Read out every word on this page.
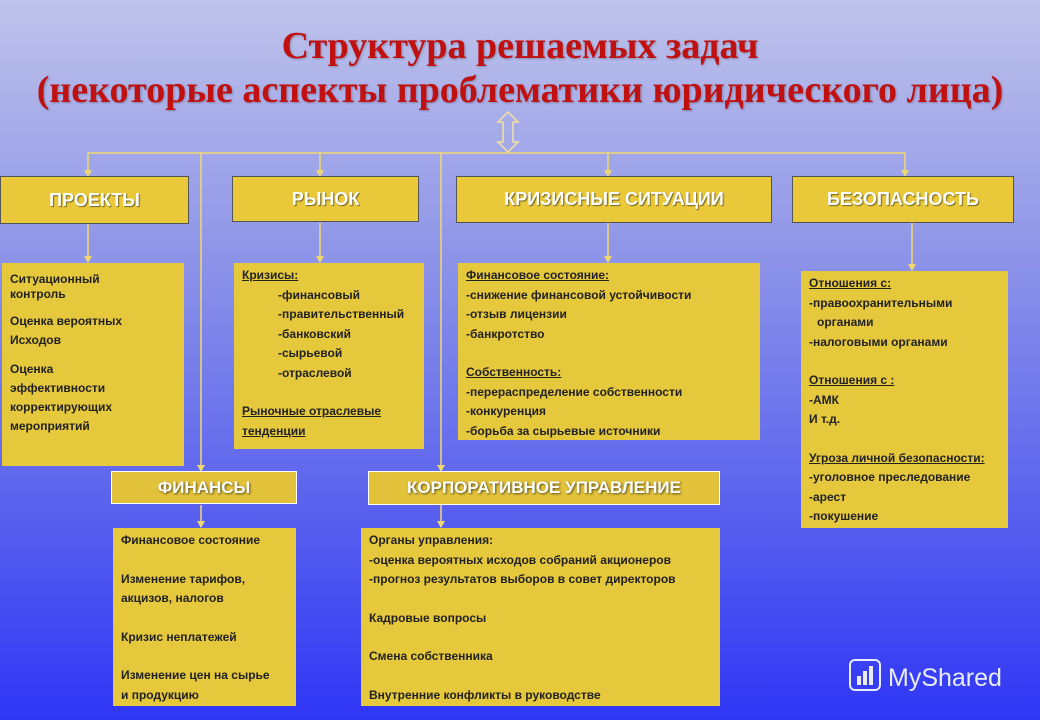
Структура решаемых задач
(некоторые аспекты проблематики юридического лица)
ПРОЕКТЫ	РЫНОК	КРИЗИСНЫЕ СИТУАЦИИ	БЕЗОПАСНОСТЬ
ФИНАНСЫ	КОРПОРАТИВНОЕ УПРАВЛЕНИЕ
Ситуационный
контроль
Оценка вероятных
Исходов
Оценка
эффективности
корректирующих
мероприятий
Кризисы:
-финансовый
-правительственный
-банковский
-сырьевой
-отраслевой
Рыночные отраслевые
тенденции
Финансовое состояние:
-снижение финансовой устойчивости
-отзыв лицензии
-банкротство
Собственность:
-перераспределение собственности
-конкуренция
-борьба за сырьевые источники
Отношения с:
-правоохранительными
органами
-налоговыми органами
Отношения с :
-АМК
И т.д.
Угроза личной безопасности:
-уголовное преследование
-арест
-покушение
Финансовое состояние
Изменение тарифов,
акцизов, налогов
Кризис неплатежей
Изменение цен на сырье
и продукцию
Органы управления:
-оценка вероятных исходов собраний акционеров
-прогноз результатов выборов в совет директоров
Кадровые вопросы
Смена собственника
Внутренние конфликты в руководстве
MyShared
